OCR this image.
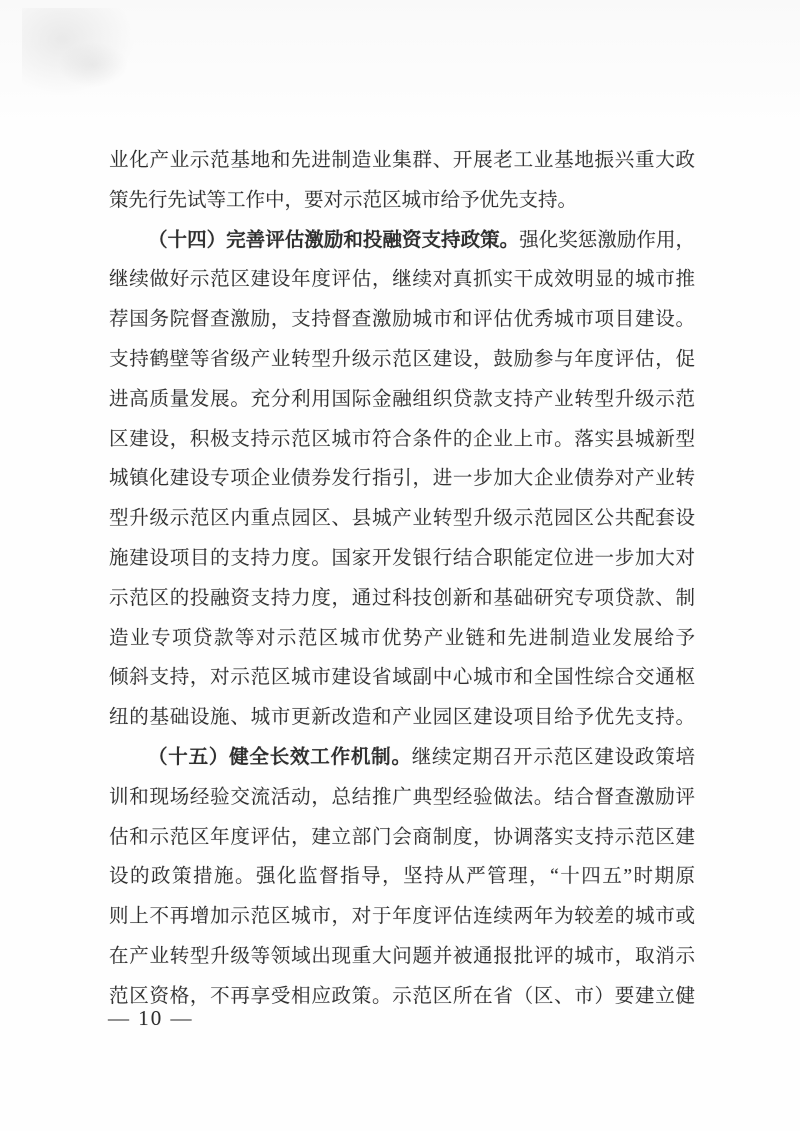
业化产业示范基地和先进制造业集群、开展老工业基地振兴重大政
策先行先试等工作中，要对示范区城市给予优先支持。
（十四）完善评估激励和投融资支持政策。强化奖惩激励作用，
继续做好示范区建设年度评估，继续对真抓实干成效明显的城市推
荐国务院督查激励，支持督查激励城市和评估优秀城市项目建设。
支持鹤壁等省级产业转型升级示范区建设，鼓励参与年度评估，促
进高质量发展。充分利用国际金融组织贷款支持产业转型升级示范
区建设，积极支持示范区城市符合条件的企业上市。落实县城新型
城镇化建设专项企业债券发行指引，进一步加大企业债券对产业转
型升级示范区内重点园区、县城产业转型升级示范园区公共配套设
施建设项目的支持力度。国家开发银行结合职能定位进一步加大对
示范区的投融资支持力度，通过科技创新和基础研究专项贷款、制
造业专项贷款等对示范区城市优势产业链和先进制造业发展给予
倾斜支持，对示范区城市建设省域副中心城市和全国性综合交通枢
纽的基础设施、城市更新改造和产业园区建设项目给予优先支持。
（十五）健全长效工作机制。继续定期召开示范区建设政策培
训和现场经验交流活动，总结推广典型经验做法。结合督查激励评
估和示范区年度评估，建立部门会商制度，协调落实支持示范区建
设的政策措施。强化监督指导，坚持从严管理，“十四五”时期原
则上不再增加示范区城市，对于年度评估连续两年为较差的城市或
在产业转型升级等领域出现重大问题并被通报批评的城市，取消示
范区资格，不再享受相应政策。示范区所在省（区、市）要建立健
— 10 —
